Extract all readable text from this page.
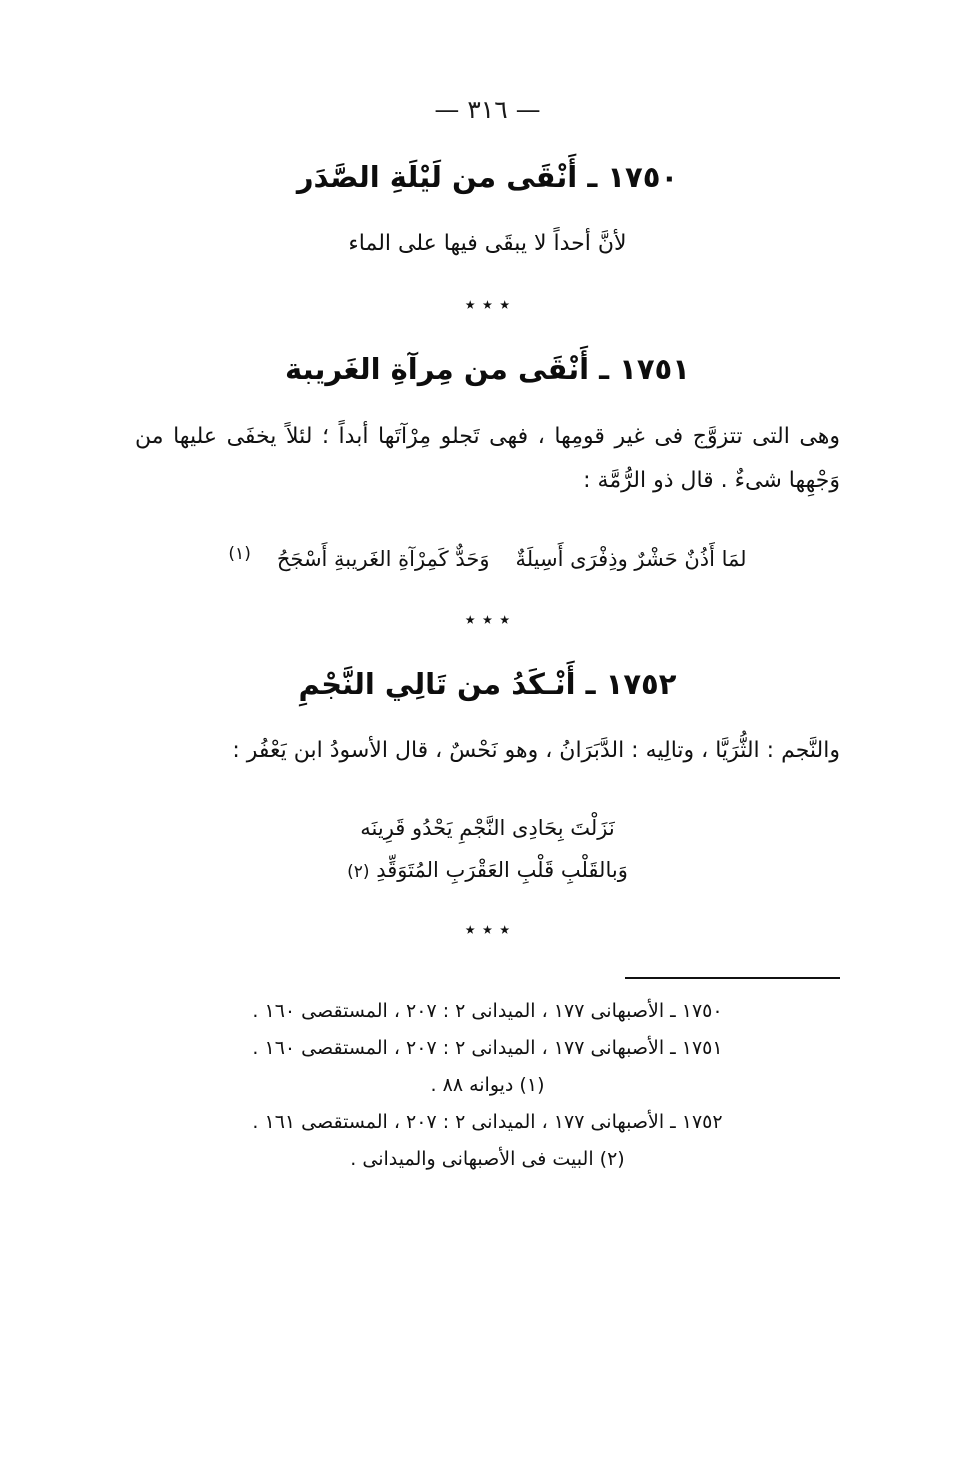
— ٣١٦ —
١٧٥٠ ـ أَنْقَى من لَيْلَةِ الصَّدَر
لأنَّ أحداً لا يبقَى فيها على الماء
٭ ٭ ٭
١٧٥١ ـ أَنْقَى من مِرآةِ الغَريبة
وهى التى تتزوَّج فى غير قومِها ، فهى تَجلو مِرْآتَها أبداً ؛ لئلاً يخفَى عليها من وَجْهِها شىءٌ . قال ذو الرُّمَّة :
لمَا أَذُنٌ حَشْرٌ وذِفْرَى أَسِيلَةٌ
وَحَدٌّ كَمِرْآةِ الغَريبةِ أَسْجَحُ
(١)
٭ ٭ ٭
١٧٥٢ ـ أَنْـكَدُ من تَالِي النَّجْمِ
والنَّجم : الثُّرَيَّا ، وتالِيه : الدَّبَرَانُ ، وهو نَحْسٌ ، قال الأسودُ ابن يَعْفُر :
نَزَلْتَ بِحَادِى النَّجْمِ يَحْدُو قَرِينَه
وَبالقَلْبِ قَلْبِ العَقْرَبِ المُتَوَقِّدِ (٢)
٭ ٭ ٭
١٧٥٠ ـ الأصبهانى ١٧٧ ، الميدانى ٢ : ٢٠٧ ، المستقصى ١٦٠ .
١٧٥١ ـ الأصبهانى ١٧٧ ، الميدانى ٢ : ٢٠٧ ، المستقصى ١٦٠ .
(١) ديوانه ٨٨ .
١٧٥٢ ـ الأصبهانى ١٧٧ ، الميدانى ٢ : ٢٠٧ ، المستقصى ١٦١ .
(٢) البيت فى الأصبهانى والميدانى .
